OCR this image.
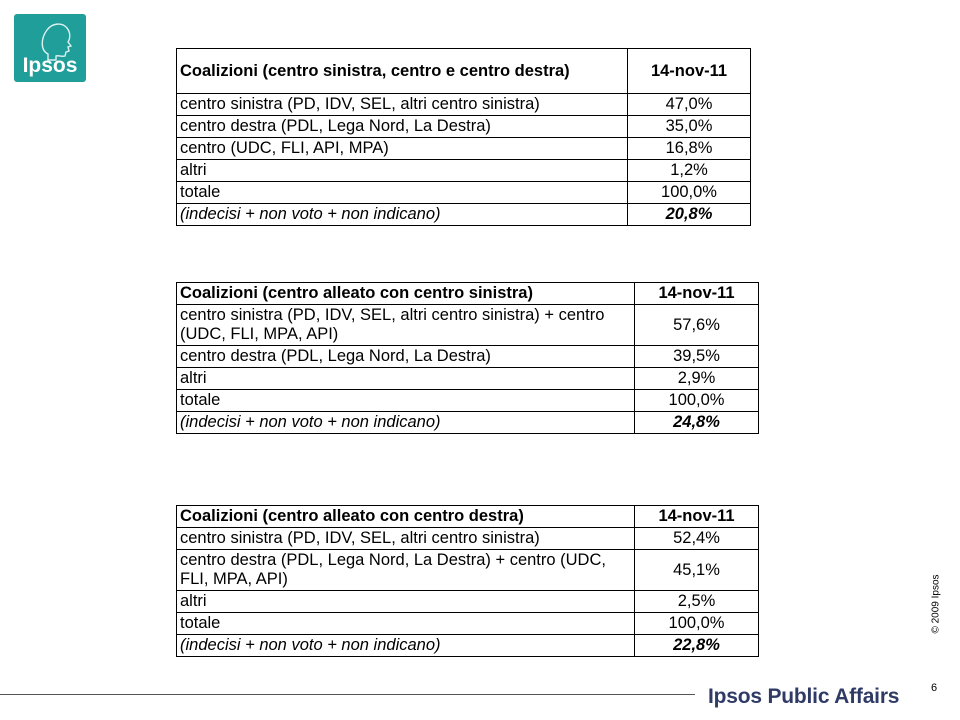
Ipsos	Coalizioni (centro sinistra, centro e centro destra)	14-nov-11
centro sinistra (PD, IDV, SEL, altri centro sinistra)	47,0%
centro destra (PDL, Lega Nord, La Destra)	35,0%
centro (UDC, FLI, API, MPA)	16,8%
altri	1,2%
totale	100,0%
(indecisi + non voto + non indicano)	20,8%
Coalizioni (centro alleato con centro sinistra)	14-nov-11
centro sinistra (PD, IDV, SEL, altri centro sinistra) + centro (UDC, FLI, MPA, API)	57,6%
centro destra (PDL, Lega Nord, La Destra)	39,5%
altri	2,9%
totale	100,0%
(indecisi + non voto + non indicano)	24,8%
Coalizioni (centro alleato con centro destra)	14-nov-11
centro sinistra (PD, IDV, SEL, altri centro sinistra)	52,4%
centro destra (PDL, Lega Nord, La Destra) + centro (UDC, FLI, MPA, API)	45,1%
altri	2,5%
totale	100,0%
(indecisi + non voto + non indicano)	22,8%
© 2009 Ipsos
Ipsos Public Affairs	6
